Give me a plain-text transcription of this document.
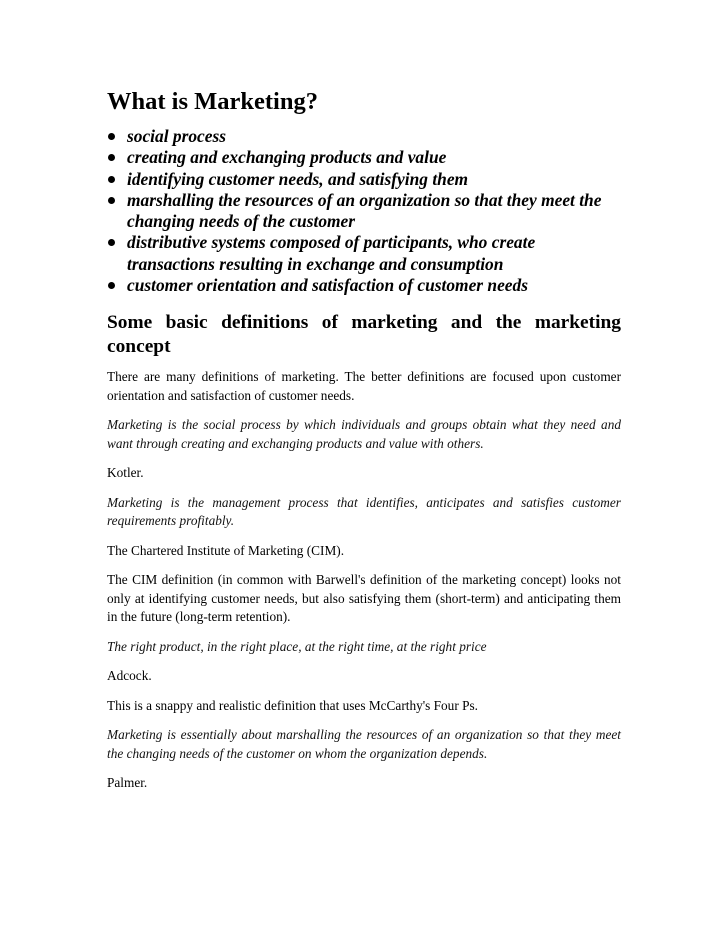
What is Marketing?
social process
creating and exchanging products and value
identifying customer needs, and satisfying them
marshalling the resources of an organization so that they meet the changing needs of the customer
distributive systems composed of participants, who create transactions resulting in exchange and consumption
customer orientation and satisfaction of customer needs
Some basic definitions of marketing and the marketing concept

There are many definitions of marketing. The better definitions are focused upon customer orientation and satisfaction of customer needs.

Marketing is the social process by which individuals and groups obtain what they need and want through creating and exchanging products and value with others.

Kotler.

Marketing is the management process that identifies, anticipates and satisfies customer requirements profitably.

The Chartered Institute of Marketing (CIM).

The CIM definition (in common with Barwell's definition of the marketing concept) looks not only at identifying customer needs, but also satisfying them (short-term) and anticipating them in the future (long-term retention).

The right product, in the right place, at the right time, at the right price

Adcock.

This is a snappy and realistic definition that uses McCarthy's Four Ps.

Marketing is essentially about marshalling the resources of an organization so that they meet the changing needs of the customer on whom the organization depends.

Palmer.
